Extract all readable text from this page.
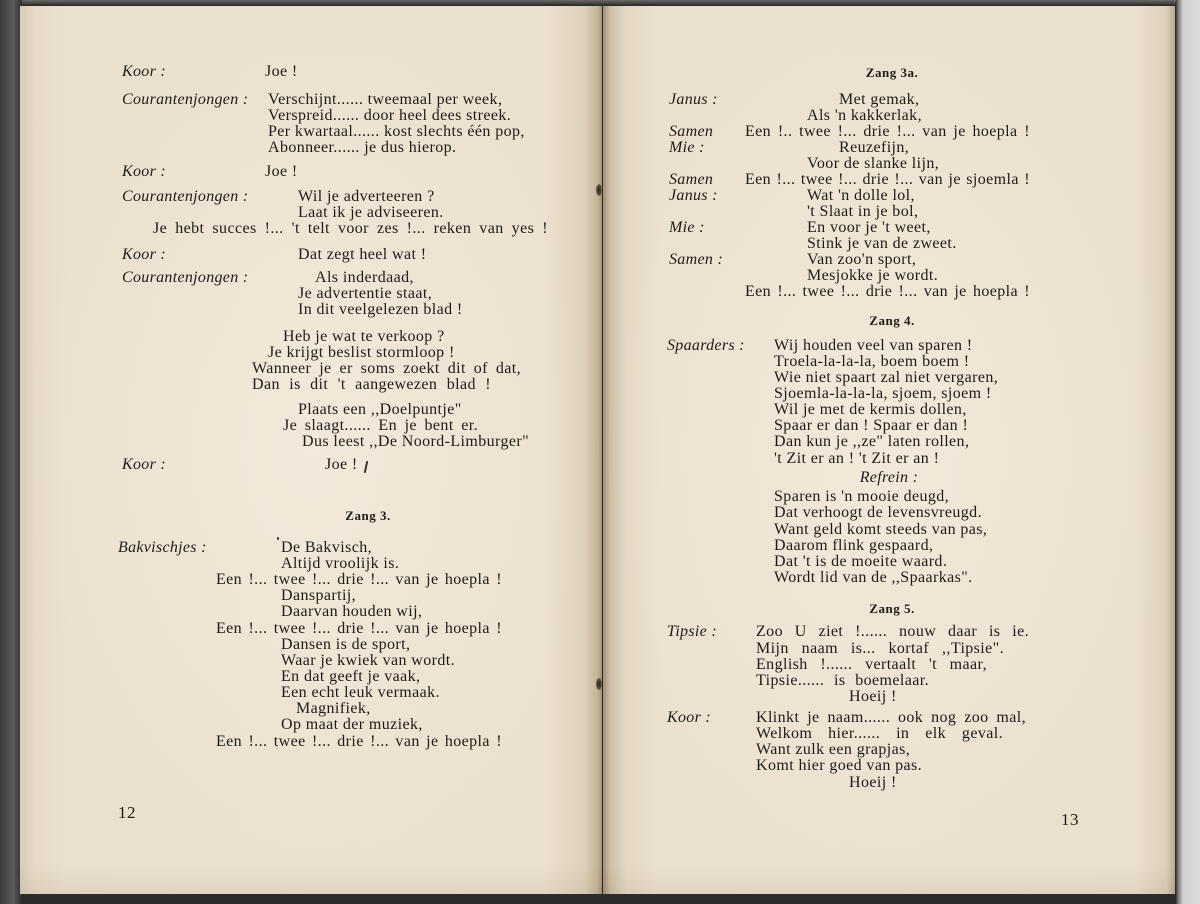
Koor :
Courantenjongen :
Koor :
Courantenjongen :
Koor :
Courantenjongen :
Koor :
Joe !
Verschijnt...... tweemaal per week,
Verspreid...... door heel dees streek.
Per kwartaal...... kost slechts één pop,
Abonneer...... je dus hierop.
Joe !
Wil je adverteeren ?
Laat ik je adviseeren.
Je hebt succes !... 't telt voor zes !... reken van yes !
Dat zegt heel wat !
Als inderdaad,
Je advertentie staat,
In dit veelgelezen blad !
Heb je wat te verkoop ?
Je krijgt beslist stormloop !
Wanneer je er soms zoekt dit of dat,
Dan is dit 't aangewezen blad !
Plaats een ,,Doelpuntje"
Je slaagt...... En je bent er.
Dus leest ,,De Noord-Limburger"
Joe !
Zang 3.
Bakvischjes :	De Bakvisch,
Altijd vroolijk is.
Een !... twee !... drie !... van je hoepla !
Danspartij,
Daarvan houden wij,
Een !... twee !... drie !... van je hoepla !
Dansen is de sport,
Waar je kwiek van wordt.
En dat geeft je vaak,
Een echt leuk vermaak.
Magnifiek,
Op maat der muziek,
Een !... twee !... drie !... van je hoepla !
12
Zang 3a.
Janus :
Samen
Mie :
Samen
Janus :
Mie :
Samen :
Met gemak,
Als 'n kakkerlak,
Een !.. twee !... drie !... van je hoepla !
Reuzefijn,
Voor de slanke lijn,
Een !... twee !... drie !... van je sjoemla !
Wat 'n dolle lol,
't Slaat in je bol,
En voor je 't weet,
Stink je van de zweet.
Van zoo'n sport,
Mesjokke je wordt.
Een !... twee !... drie !... van je hoepla !
Zang 4.
Spaarders : Wij houden veel van sparen !
Troela-la-la-la, boem boem !
Wie niet spaart zal niet vergaren,
Sjoemla-la-la-la, sjoem, sjoem !
Wil je met de kermis dollen,
Spaar er dan ! Spaar er dan !
Dan kun je ,,ze" laten rollen,
't Zit er an ! 't Zit er an !
Refrein :
Sparen is 'n mooie deugd,
Dat verhoogt de levensvreugd.
Want geld komt steeds van pas,
Daarom flink gespaard,
Dat 't is de moeite waard.
Wordt lid van de ,,Spaarkas".
Zang 5.
Tipsie :
Koor :
Zoo U ziet !...... nouw daar is ie.
Mijn naam is... kortaf ,,Tipsie".
English !...... vertaalt 't maar,
Tipsie...... is boemelaar.
Hoeij !
Klinkt je naam...... ook nog zoo mal,
Welkom hier...... in elk geval.
Want zulk een grapjas,
Komt hier goed van pas.
Hoeij !
13
